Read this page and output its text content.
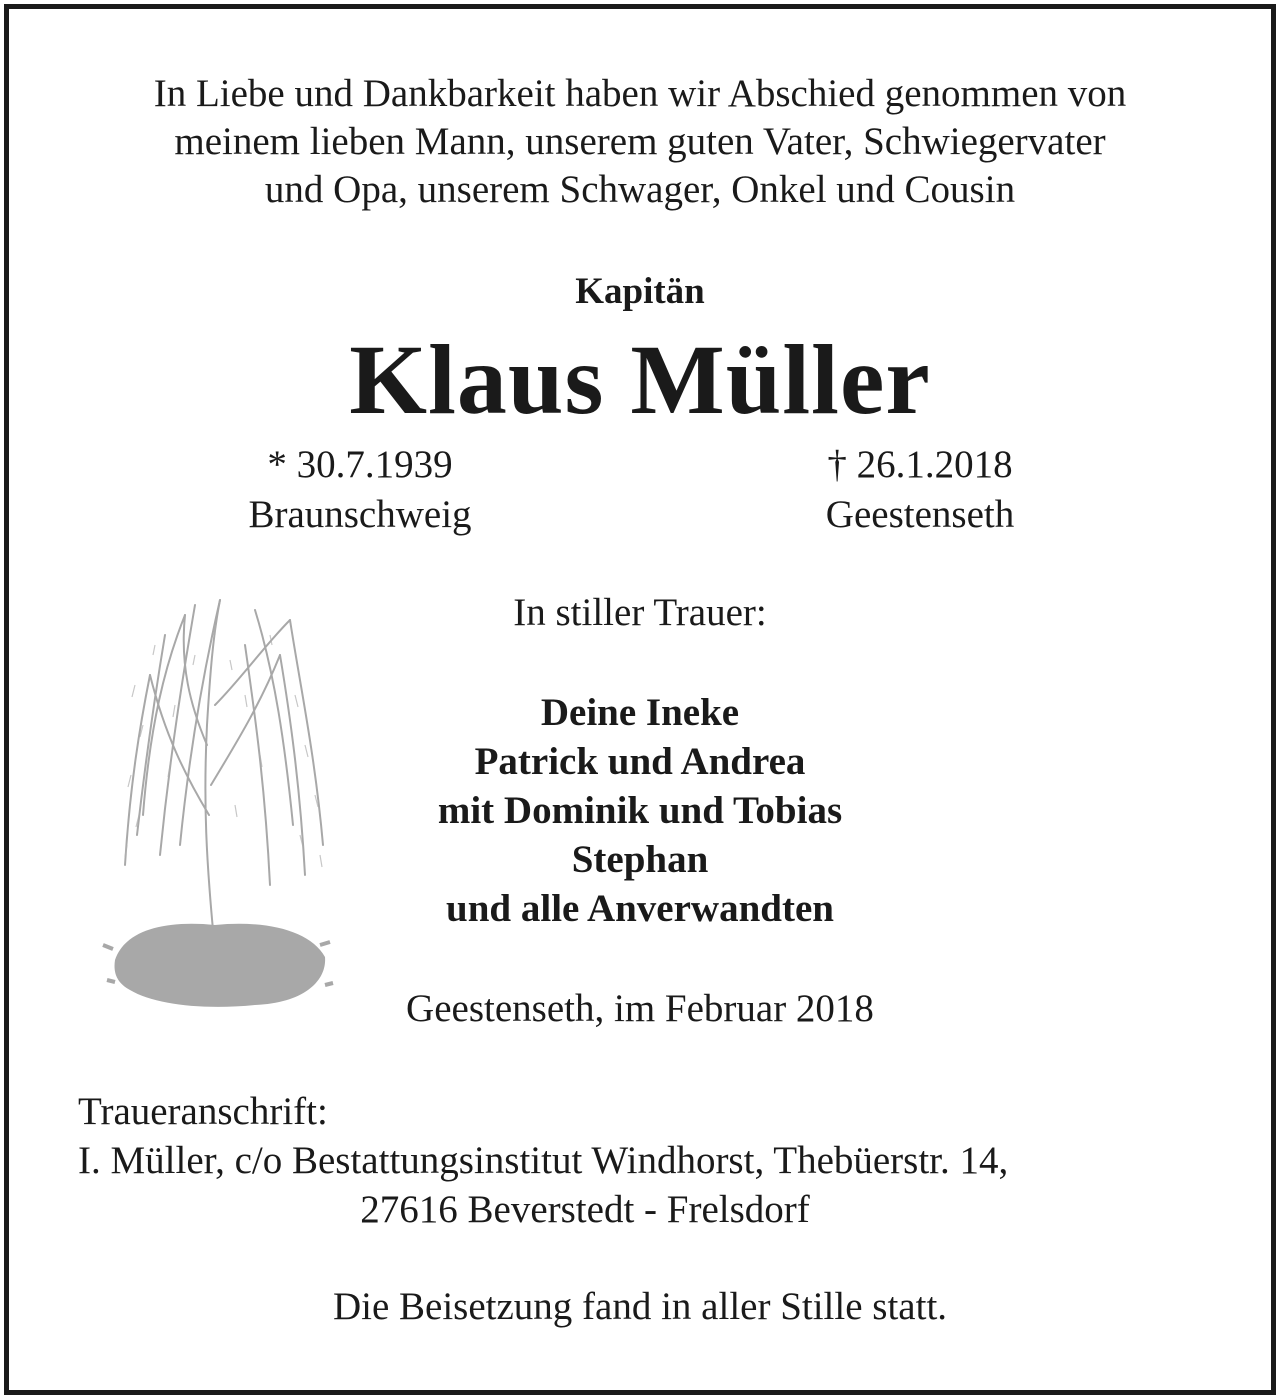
In Liebe und Dankbarkeit haben wir Abschied genommen von
meinem lieben Mann, unserem guten Vater, Schwiegervater
und Opa, unserem Schwager, Onkel und Cousin
Kapitän
Klaus Müller
* 30.7.1939
Braunschweig
† 26.1.2018
Geestenseth
In stiller Trauer:
Deine Ineke
Patrick und Andrea
mit Dominik und Tobias
Stephan
und alle Anverwandten
Geestenseth, im Februar 2018
Traueranschrift:
I. Müller, c/o Bestattungsinstitut Windhorst, Thebüerstr. 14,
27616 Beverstedt - Frelsdorf
Die Beisetzung fand in aller Stille statt.
